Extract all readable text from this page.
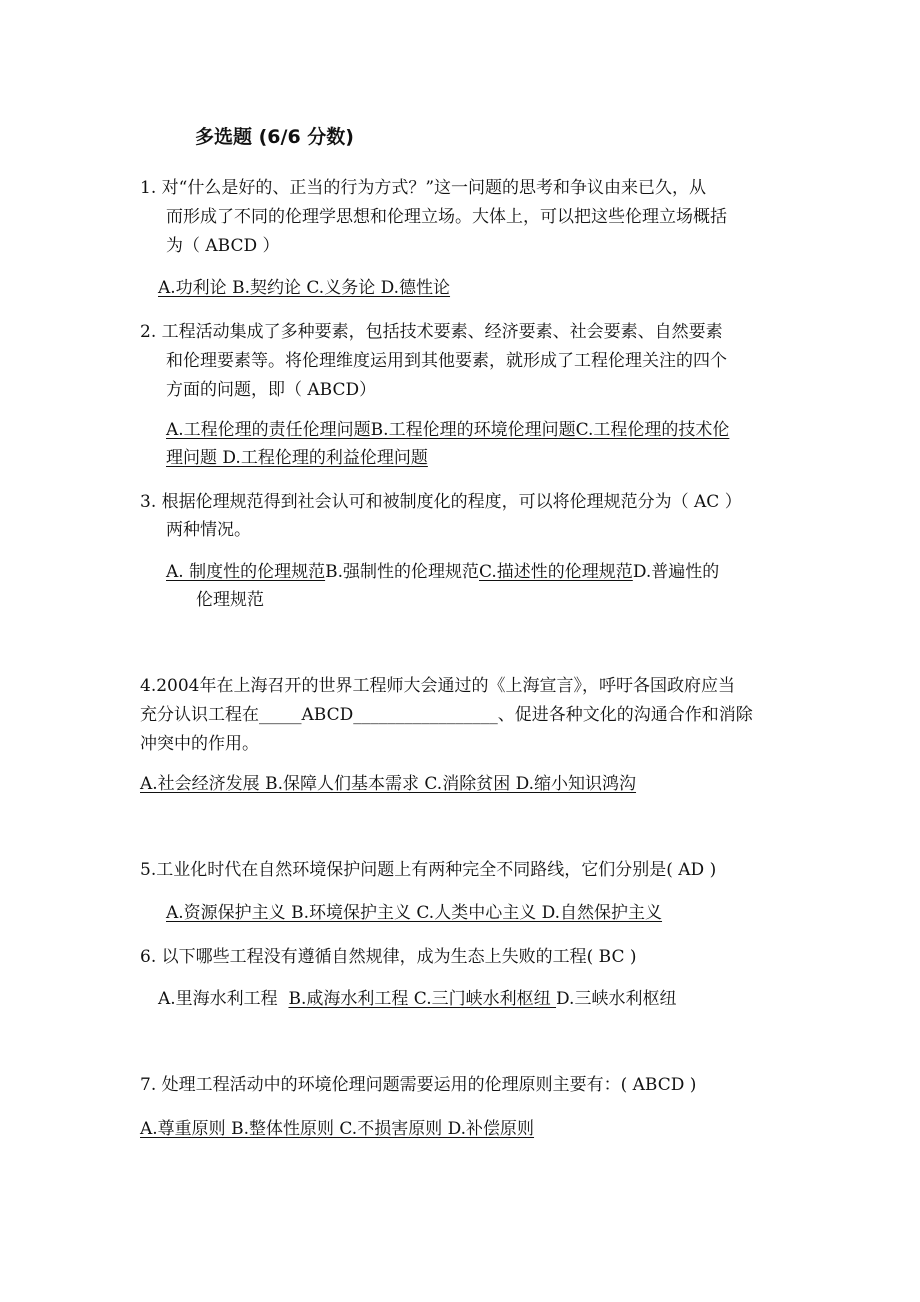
多选题 (6/6 分数)
1. 对“什么是好的、正当的行为方式？”这一问题的思考和争议由来已久，从
而形成了不同的伦理学思想和伦理立场。大体上，可以把这些伦理立场概括
为（ ABCD ）
A.功利论 B.契约论 C.义务论 D.德性论
2. 工程活动集成了多种要素，包括技术要素、经济要素、社会要素、自然要素
和伦理要素等。将伦理维度运用到其他要素，就形成了工程伦理关注的四个
方面的问题，即（ ABCD）
A.工程伦理的责任伦理问题B.工程伦理的环境伦理问题C.工程伦理的技术伦
理问题 D.工程伦理的利益伦理问题
3. 根据伦理规范得到社会认可和被制度化的程度，可以将伦理规范分为（ AC ）
两种情况。
A. 制度性的伦理规范B.强制性的伦理规范C.描述性的伦理规范D.普遍性的
伦理规范
4.2004年在上海召开的世界工程师大会通过的《上海宣言》，呼吁各国政府应当
充分认识工程在_____ABCD_________________、促进各种文化的沟通合作和消除
冲突中的作用。
A.社会经济发展 B.保障人们基本需求 C.消除贫困 D.缩小知识鸿沟
5.工业化时代在自然环境保护问题上有两种完全不同路线，它们分别是( AD )
A.资源保护主义 B.环境保护主义 C.人类中心主义 D.自然保护主义
6. 以下哪些工程没有遵循自然规律，成为生态上失败的工程( BC )
A.里海水利工程 B.咸海水利工程 C.三门峡水利枢纽 D.三峡水利枢纽
7. 处理工程活动中的环境伦理问题需要运用的伦理原则主要有：( ABCD )
A.尊重原则 B.整体性原则 C.不损害原则 D.补偿原则
